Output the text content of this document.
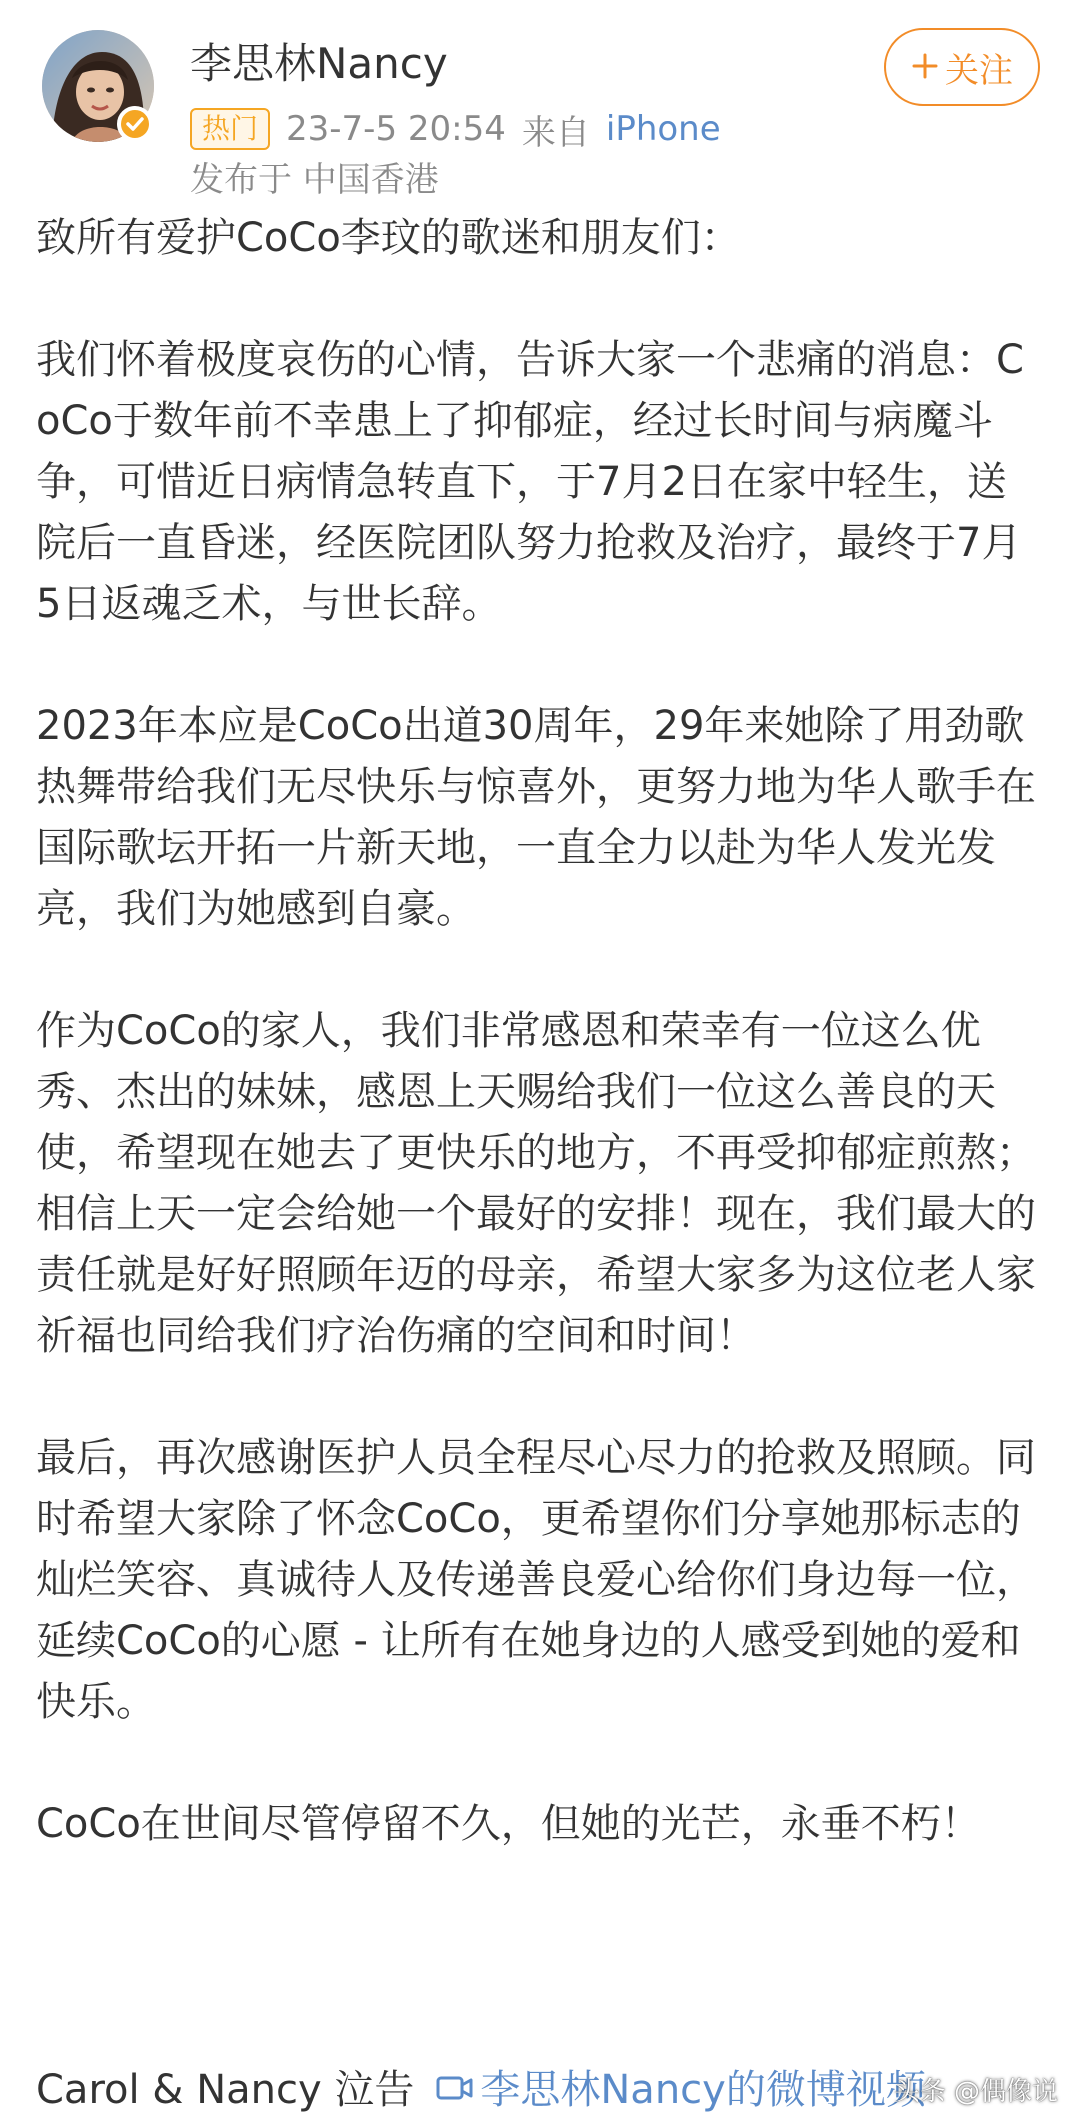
李思林Nancy
热门 23-7-5 20:54 来自 iPhone
发布于 中国香港
关注

致所有爱护CoCo李玟的歌迷和朋友们：

我们怀着极度哀伤的心情，告诉大家一个悲痛的消息：CoCo于数年前不幸患上了抑郁症，经过长时间与病魔斗争，可惜近日病情急转直下，于7月2日在家中轻生，送院后一直昏迷，经医院团队努力抢救及治疗，最终于7月5日返魂乏术，与世长辞。

2023年本应是CoCo出道30周年，29年来她除了用劲歌热舞带给我们无尽快乐与惊喜外，更努力地为华人歌手在国际歌坛开拓一片新天地，一直全力以赴为华人发光发亮，我们为她感到自豪。

作为CoCo的家人，我们非常感恩和荣幸有一位这么优秀、杰出的妹妹，感恩上天赐给我们一位这么善良的天使，希望现在她去了更快乐的地方，不再受抑郁症煎熬；相信上天一定会给她一个最好的安排！现在，我们最大的责任就是好好照顾年迈的母亲，希望大家多为这位老人家祈福也同给我们疗治伤痛的空间和时间！

最后，再次感谢医护人员全程尽心尽力的抢救及照顾。同时希望大家除了怀念CoCo，更希望你们分享她那标志的灿烂笑容、真诚待人及传递善良爱心给你们身边每一位，延续CoCo的心愿 - 让所有在她身边的人感受到她的爱和快乐。

CoCo在世间尽管停留不久，但她的光芒，永垂不朽！

Carol & Nancy 泣告 李思林Nancy的微博视频
头条 @偶像说
